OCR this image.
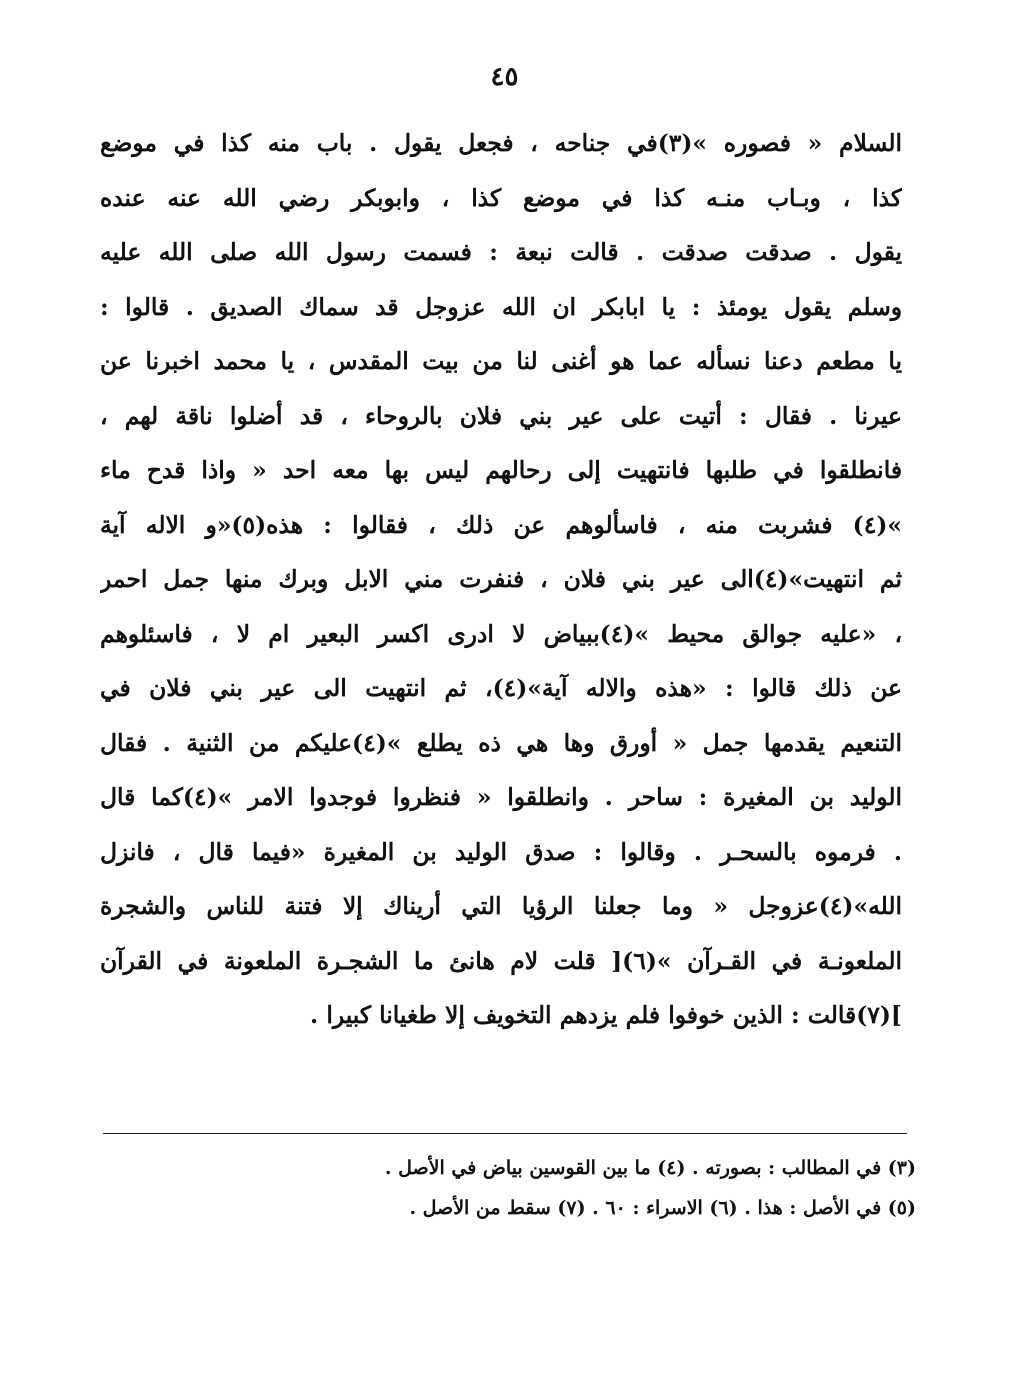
٤٥
السلام « فصوره »(٣)في جناحه ، فجعل يقول . باب منه كذا في موضع
كذا ، وبـاب منـه كذا في موضع كذا ، وابوبكر رضي الله عنه عنده
يقول . صدقت صدقت . قالت نبعة : فسمت رسول الله صلى الله عليه
وسلم يقول يومئذ : يا ابابكر ان الله عزوجل قد سماك الصديق . قالوا :
يا مطعم دعنا نسأله عما هو أغنى لنا من بيت المقدس ، يا محمد اخبرنا عن
عيرنا . فقال : أتيت على عير بني فلان بالروحاء ، قد أضلوا ناقة لهم ،
فانطلقوا في طلبها فانتهيت إلى رحالهم ليس بها معه احد « واذا قدح ماء
»(٤) فشربت منه ، فاسألوهم عن ذلك ، فقالوا : هذه(٥)«و الاله آية
ثم انتهيت»(٤)الى عير بني فلان ، فنفرت مني الابل وبرك منها جمل احمر
، «عليه جوالق محيط »(٤)ببياض لا ادرى اكسر البعير ام لا ، فاسئلوهم
عن ذلك قالوا : «هذه والاله آية»(٤)، ثم انتهيت الى عير بني فلان في
التنعيم يقدمها جمل « أورق وها هي ذه يطلع »(٤)عليكم من الثنية . فقال
الوليد بن المغيرة : ساحر . وانطلقوا « فنظروا فوجدوا الامر »(٤)كما قال
. فرموه بالسحـر . وقالوا : صدق الوليد بن المغيرة «فيما قال ، فانزل
الله»(٤)عزوجل « وما جعلنا الرؤيا التي أريناك إلا فتنة للناس والشجرة
الملعونـة في القـرآن »(٦)[ قلت لام هانئ ما الشجـرة الملعونة في القرآن
](٧)قالت : الذين خوفوا فلم يزدهم التخويف إلا طغيانا كبيرا .
(٣) في المطالب : بصورته . (٤) ما بين القوسين بياض في الأصل .
(٥) في الأصل : هذا . (٦) الاسراء : ٦٠ . (٧) سقط من الأصل .
